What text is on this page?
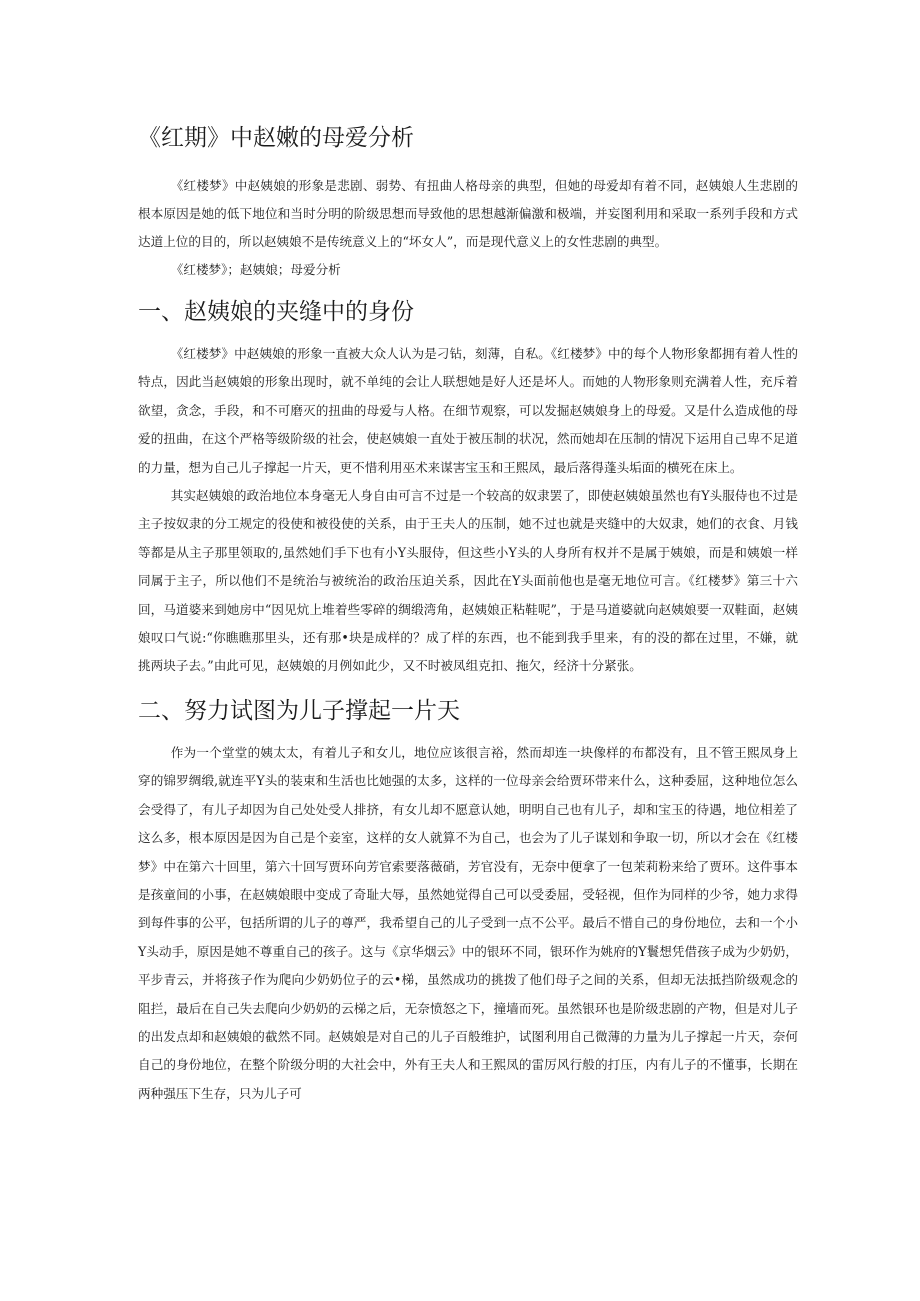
《红期》中赵嫩的母爱分析

《红楼梦》中赵姨娘的形象是悲剧、弱势、有扭曲人格母亲的典型，但她的母爱却有着不同，赵姨娘人生悲剧的根本原因是她的低下地位和当时分明的阶级思想而导致他的思想越渐偏激和极端，并妄图利用和采取一系列手段和方式达道上位的目的，所以赵姨娘不是传统意义上的“坏女人”，而是现代意义上的女性悲剧的典型。

《红楼梦》；赵姨娘；母爱分析

一、赵姨娘的夹缝中的身份

《红楼梦》中赵姨娘的形象一直被大众人认为是刁钻，刻薄，自私。《红楼梦》中的每个人物形象都拥有着人性的特点，因此当赵姨娘的形象出现时，就不单纯的会让人联想她是好人还是坏人。而她的人物形象则充满着人性，充斥着欲望，贪念，手段，和不可磨灭的扭曲的母爱与人格。在细节观察，可以发掘赵姨娘身上的母爱。又是什么造成他的母爱的扭曲，在这个严格等级阶级的社会，使赵姨娘一直处于被压制的状况，然而她却在压制的情况下运用自己卑不足道的力量，想为自己儿子撑起一片天，更不惜利用巫术来谋害宝玉和王熙凤，最后落得蓬头垢面的横死在床上。

其实赵姨娘的政治地位本身毫无人身自由可言不过是一个较高的奴隶罢了，即使赵姨娘虽然也有Y头服侍也不过是主子按奴隶的分工规定的役使和被役使的关系，由于王夫人的压制，她不过也就是夹缝中的大奴隶，她们的衣食、月钱等都是从主子那里领取的,虽然她们手下也有小Y头服侍，但这些小Y头的人身所有权并不是属于姨娘，而是和姨娘一样同属于主子，所以他们不是统治与被统治的政治压迫关系，因此在Y头面前他也是毫无地位可言。《红楼梦》第三十六回，马道婆来到她房中“因见炕上堆着些零碎的绸缎湾角，赵姨娘正粘鞋呢”，于是马道婆就向赵姨娘要一双鞋面，赵姨娘叹口气说:“你瞧瞧那里头，还有那•块是成样的？成了样的东西，也不能到我手里来，有的没的都在过里，不嫌，就挑两块子去。”由此可见，赵姨娘的月例如此少，又不时被凤组克扣、拖欠，经济十分紧张。

二、努力试图为儿子撑起一片天

作为一个堂堂的姨太太，有着儿子和女儿，地位应该很言裕，然而却连一块像样的布都没有，且不管王熙凤身上穿的锦罗绸缎,就连平Y头的装束和生活也比她强的太多，这样的一位母亲会给贾环带来什么，这种委屈，这种地位怎么会受得了，有儿子却因为自己处处受人排挤，有女儿却不愿意认她，明明自己也有儿子，却和宝玉的待遇，地位相差了这么多，根本原因是因为自己是个妾室，这样的女人就算不为自己，也会为了儿子谋划和争取一切，所以才会在《红楼梦》中在第六十回里，第六十回写贾环向芳官索要落薇硝，芳官没有，无奈中便拿了一包茉莉粉来给了贾环。这件事本是孩童间的小事，在赵姨娘眼中变成了奇耻大辱，虽然她觉得自己可以受委屈，受轻视，但作为同样的少爷，她力求得到每件事的公平，包括所谓的儿子的尊严，我希望自己的儿子受到一点不公平。最后不惜自己的身份地位，去和一个小Y头动手，原因是她不尊重自己的孩子。这与《京华烟云》中的银环不同，银环作为姚府的Y鬟想凭借孩子成为少奶奶，平步青云，并将孩子作为爬向少奶奶位子的云•梯，虽然成功的挑拨了他们母子之间的关系，但却无法抵挡阶级观念的阻拦，最后在自己失去爬向少奶奶的云梯之后，无奈愤怒之下，撞墙而死。虽然银环也是阶级悲剧的产物，但是对儿子的出发点却和赵姨娘的截然不同。赵姨娘是对自己的儿子百般维护，试图利用自己微薄的力量为儿子撑起一片天，奈何自己的身份地位，在整个阶级分明的大社会中，外有王夫人和王熙凤的雷厉风行般的打压，内有儿子的不懂事，长期在两种强压下生存，只为儿子可
